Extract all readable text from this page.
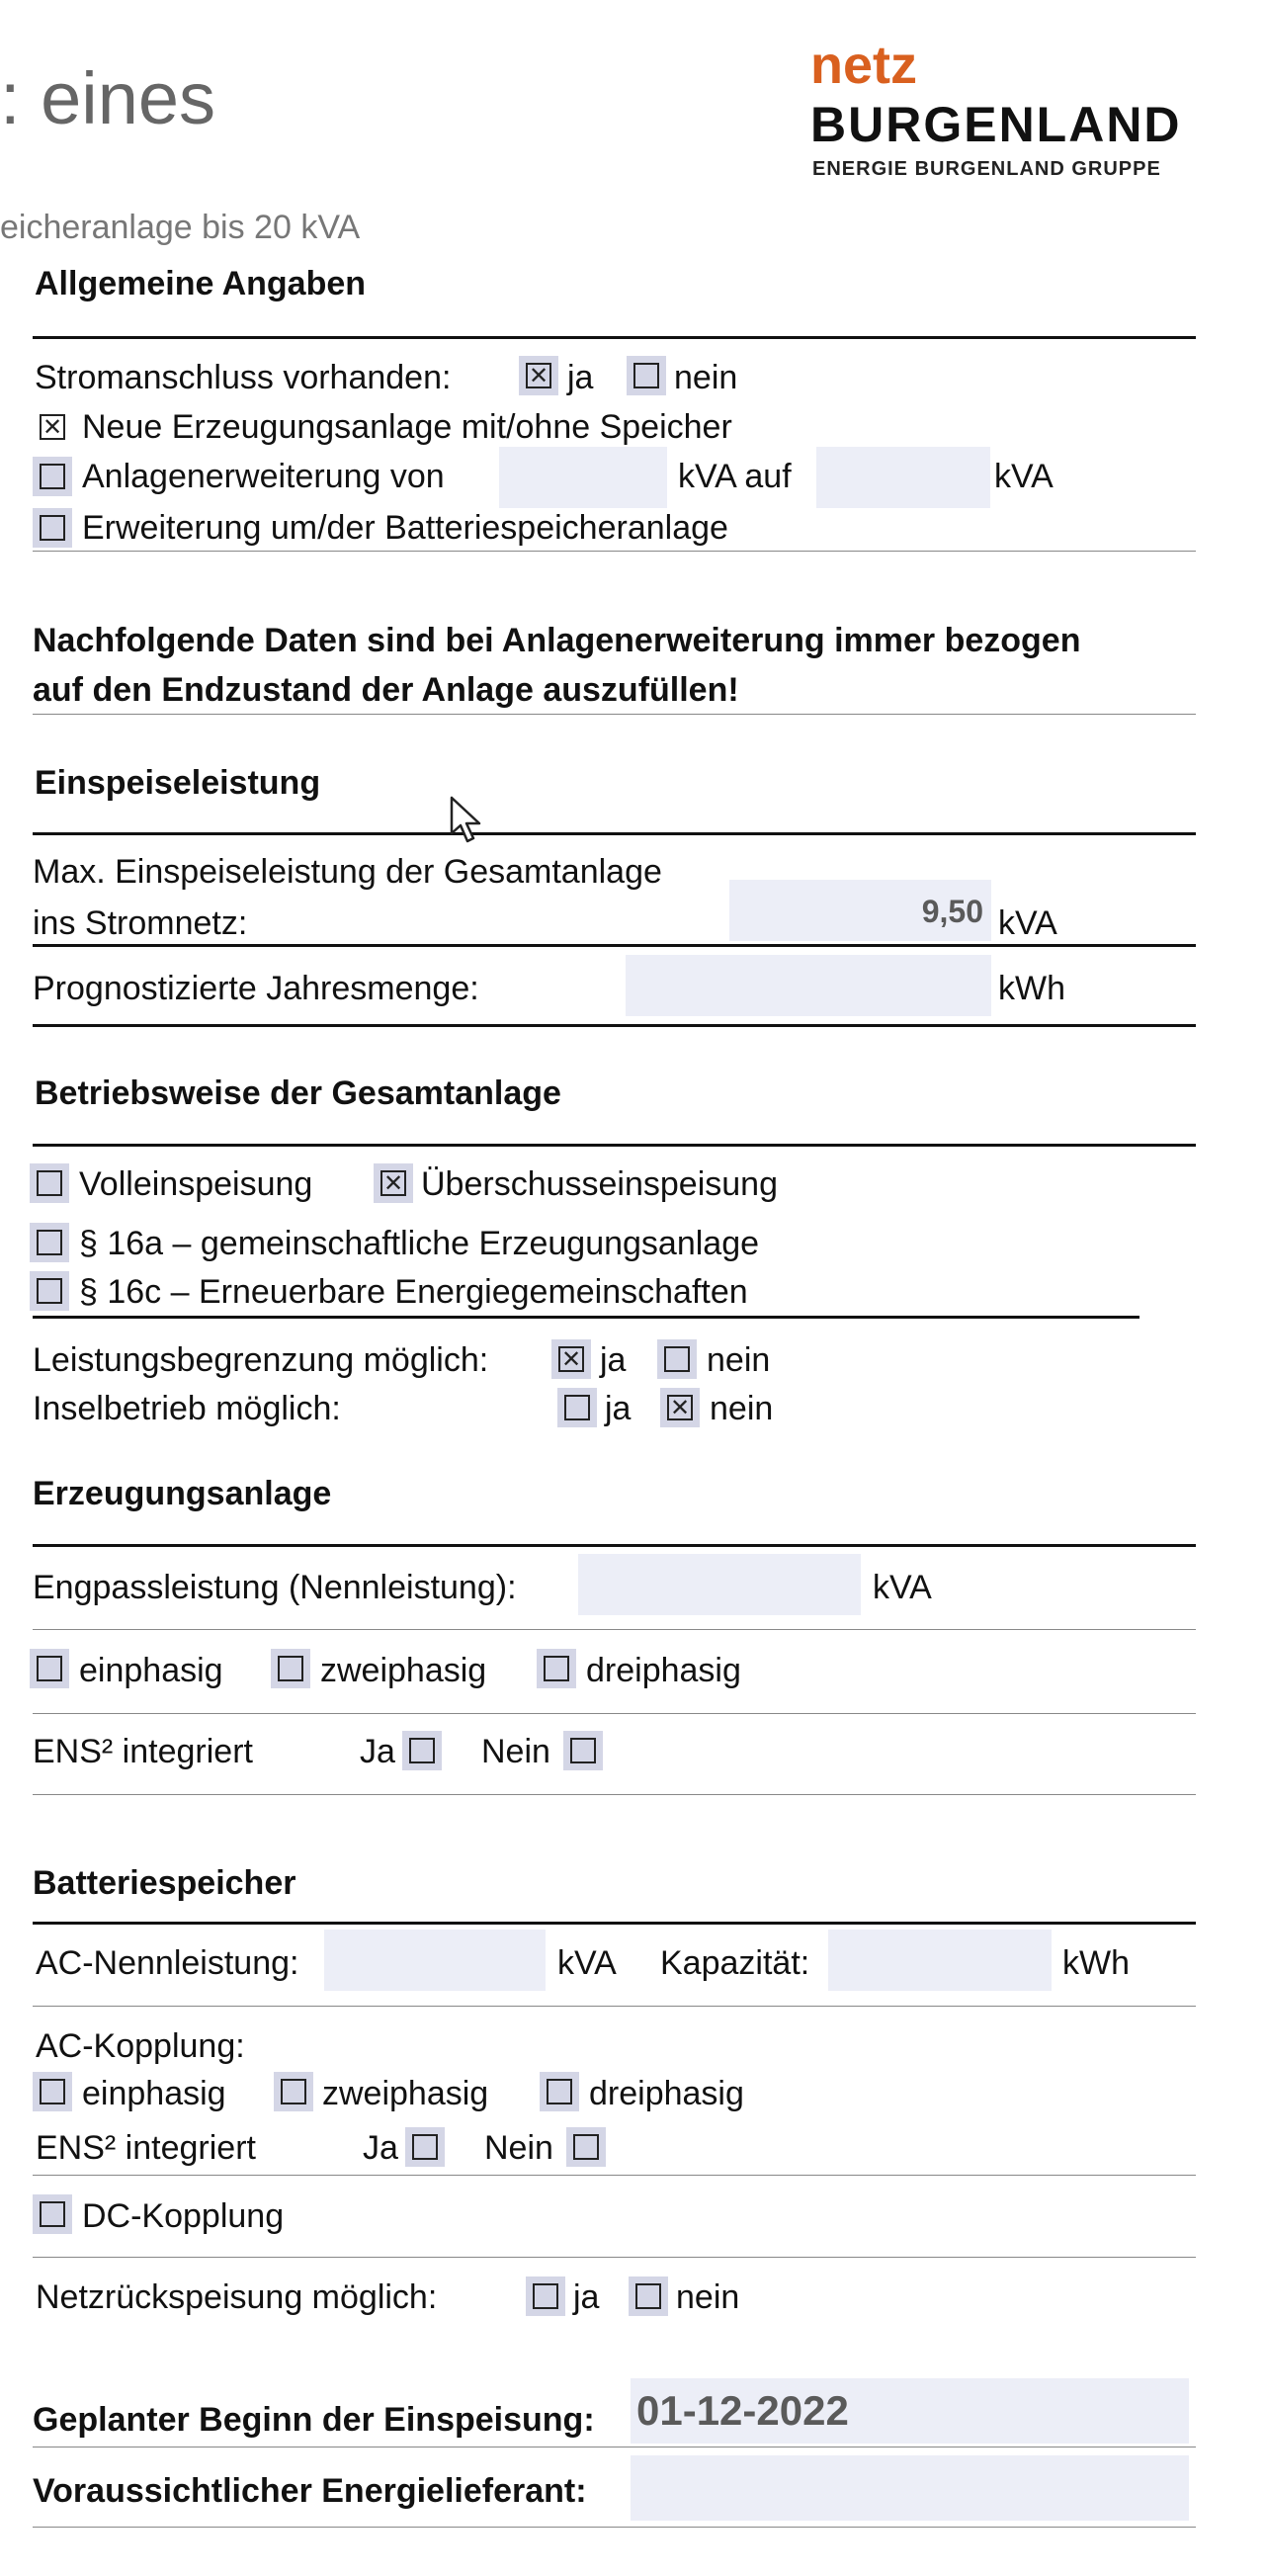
: eines
eicheranlage bis 20 kVA
netz
BURGENLAND
ENERGIE BURGENLAND GRUPPE
Allgemeine Angaben
Stromanschluss vorhanden: ✕	ja nein
✕
Neue Erzeugungsanlage mit/ohne Speicher
Anlagenerweiterung von	kVA auf	kVA
Erweiterung um/der Batteriespeicheranlage
Nachfolgende Daten sind bei Anlagenerweiterung immer bezogen
auf den Endzustand der Anlage auszufüllen!
Einspeiseleistung
Max. Einspeiseleistung der Gesamtanlage
ins Stromnetz:	9,50 kVA
Prognostizierte Jahresmenge:	kWh
Betriebsweise der Gesamtanlage
Volleinspeisung ✕	Überschusseinspeisung
§ 16a – gemeinschaftliche Erzeugungsanlage
§ 16c – Erneuerbare Energiegemeinschaften
Leistungsbegrenzung möglich: ✕	ja nein
Inselbetrieb möglich:	ja ✕ nein
Erzeugungsanlage
Engpassleistung (Nennleistung):	kVA
einphasig	zweiphasig	dreiphasig
ENS² integriert	Ja	Nein
Batteriespeicher
AC-Nennleistung:	kVA Kapazität:	kWh
AC-Kopplung:
einphasig	zweiphasig	dreiphasig
ENS² integriert	Ja	Nein
DC-Kopplung
Netzrückspeisung möglich:	ja nein
Geplanter Beginn der Einspeisung: 01-12-2022
Voraussichtlicher Energielieferant:
